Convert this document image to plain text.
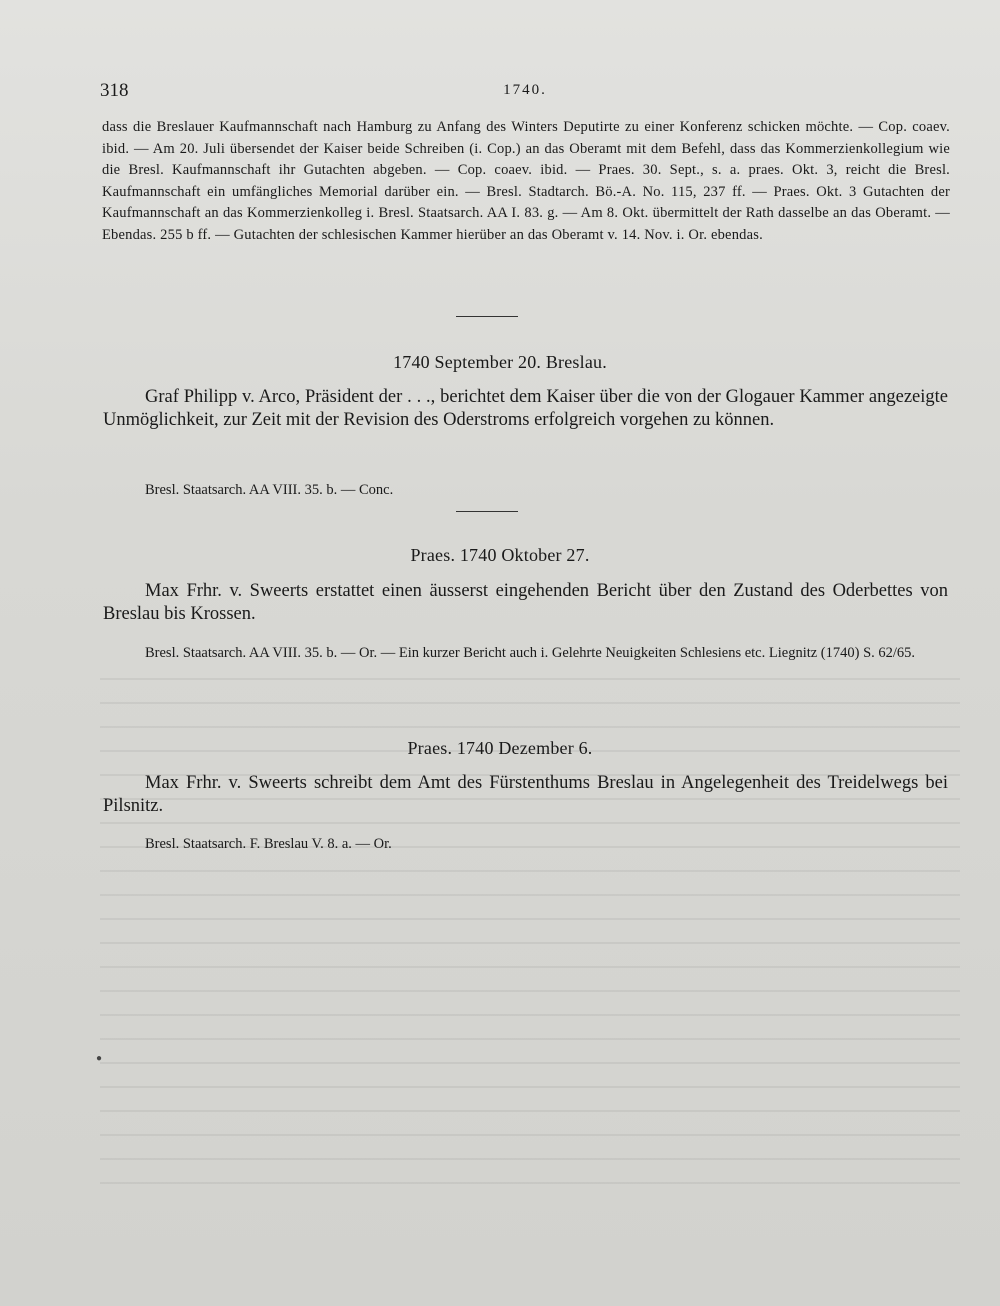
318	1740.

dass die Breslauer Kaufmannschaft nach Hamburg zu Anfang des Winters Deputirte zu einer Konferenz schicken möchte. — Cop. coaev. ibid. — Am 20. Juli übersendet der Kaiser beide Schreiben (i. Cop.) an das Oberamt mit dem Befehl, dass das Kommerzienkollegium wie die Bresl. Kaufmannschaft ihr Gutachten abgeben. — Cop. coaev. ibid. — Praes. 30. Sept., s. a. praes. Okt. 3, reicht die Bresl. Kaufmannschaft ein umfängliches Memorial darüber ein. — Bresl. Stadtarch. Bö.-A. No. 115, 237 ff. — Praes. Okt. 3 Gutachten der Kaufmannschaft an das Kommerzienkolleg i. Bresl. Staatsarch. AA I. 83. g. — Am 8. Okt. übermittelt der Rath dasselbe an das Oberamt. — Ebendas. 255 b ff. — Gutachten der schlesischen Kammer hierüber an das Oberamt v. 14. Nov. i. Or. ebendas.

1740 September 20. Breslau.

Graf Philipp v. Arco, Präsident der . . ., berichtet dem Kaiser über die von der Glogauer Kammer angezeigte Unmöglichkeit, zur Zeit mit der Revision des Oderstroms erfolgreich vorgehen zu können.

Bresl. Staatsarch. AA VIII. 35. b. — Conc.

Praes. 1740 Oktober 27.

Max Frhr. v. Sweerts erstattet einen äusserst eingehenden Bericht über den Zustand des Oderbettes von Breslau bis Krossen.

Bresl. Staatsarch. AA VIII. 35. b. — Or. — Ein kurzer Bericht auch i. Gelehrte Neuigkeiten Schlesiens etc. Liegnitz (1740) S. 62/65.

Praes. 1740 Dezember 6.

Max Frhr. v. Sweerts schreibt dem Amt des Fürstenthums Breslau in Angelegenheit des Treidelwegs bei Pilsnitz.

Bresl. Staatsarch. F. Breslau V. 8. a. — Or.

●
